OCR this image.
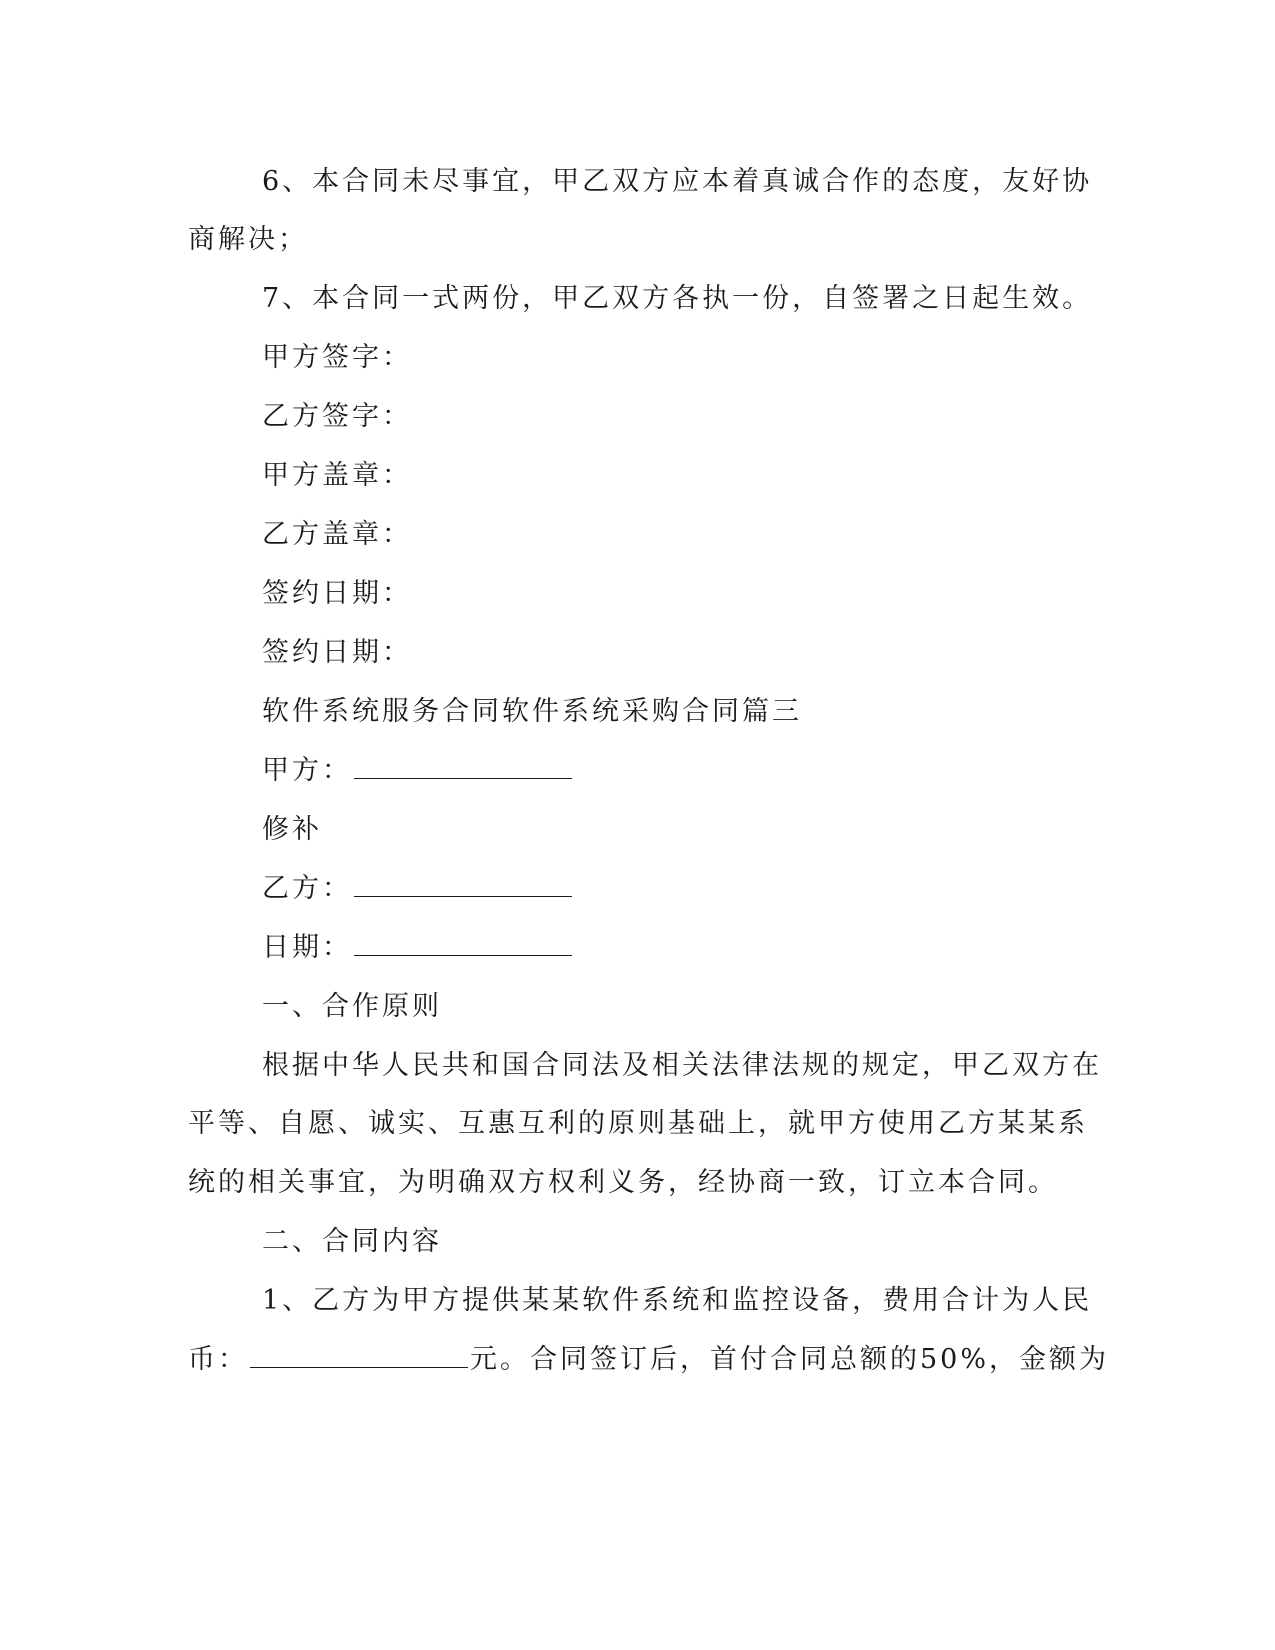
6、本合同未尽事宜，甲乙双方应本着真诚合作的态度，友好协
商解决；
7、本合同一式两份，甲乙双方各执一份，自签署之日起生效。
甲方签字：
乙方签字：
甲方盖章：
乙方盖章：
签约日期：
签约日期：
软件系统服务合同软件系统采购合同篇三
甲方：
修补
乙方：
日期：
一、合作原则
根据中华人民共和国合同法及相关法律法规的规定，甲乙双方在
平等、自愿、诚实、互惠互利的原则基础上，就甲方使用乙方某某系
统的相关事宜，为明确双方权利义务，经协商一致，订立本合同。
二、合同内容
1、乙方为甲方提供某某软件系统和监控设备，费用合计为人民
币：	元。合同签订后，首付合同总额的50%，金额为
